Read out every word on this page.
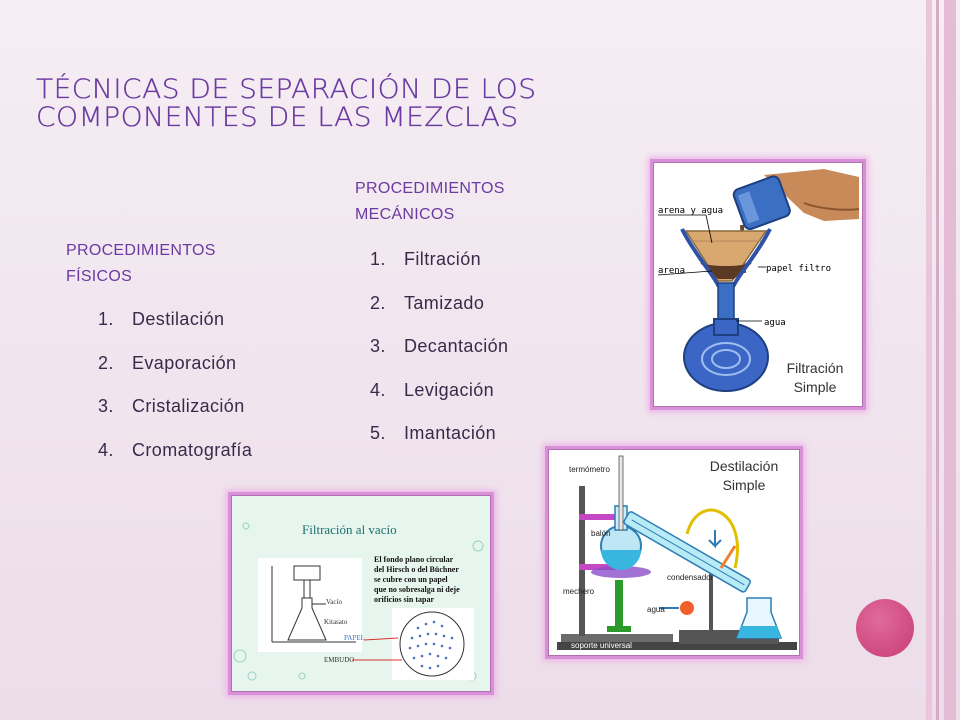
TÉCNICAS DE SEPARACIÓN DE LOS
COMPONENTES DE LAS MEZCLAS
PROCEDIMIENTOS
FÍSICOS
1.	Destilación
2.	Evaporación
3.	Cristalización
4.	Cromatografía
PROCEDIMIENTOS
MECÁNICOS
1.	Filtración
2.	Tamizado
3.	Decantación
4.	Levigación
5.	Imantación
arena y agua
arena	papel filtro
agua
Filtración
Simple
termómetro
balón
condensador
mechero
agua
soporte universal
Destilación
Simple
Filtración al vacío
Vacío
Kitasato
PAPEL
EMBUDO
El fondo plano circular del Hirsch o del Büchner se cubre con un papel que no sobresalga ni deje orificios sin tapar
